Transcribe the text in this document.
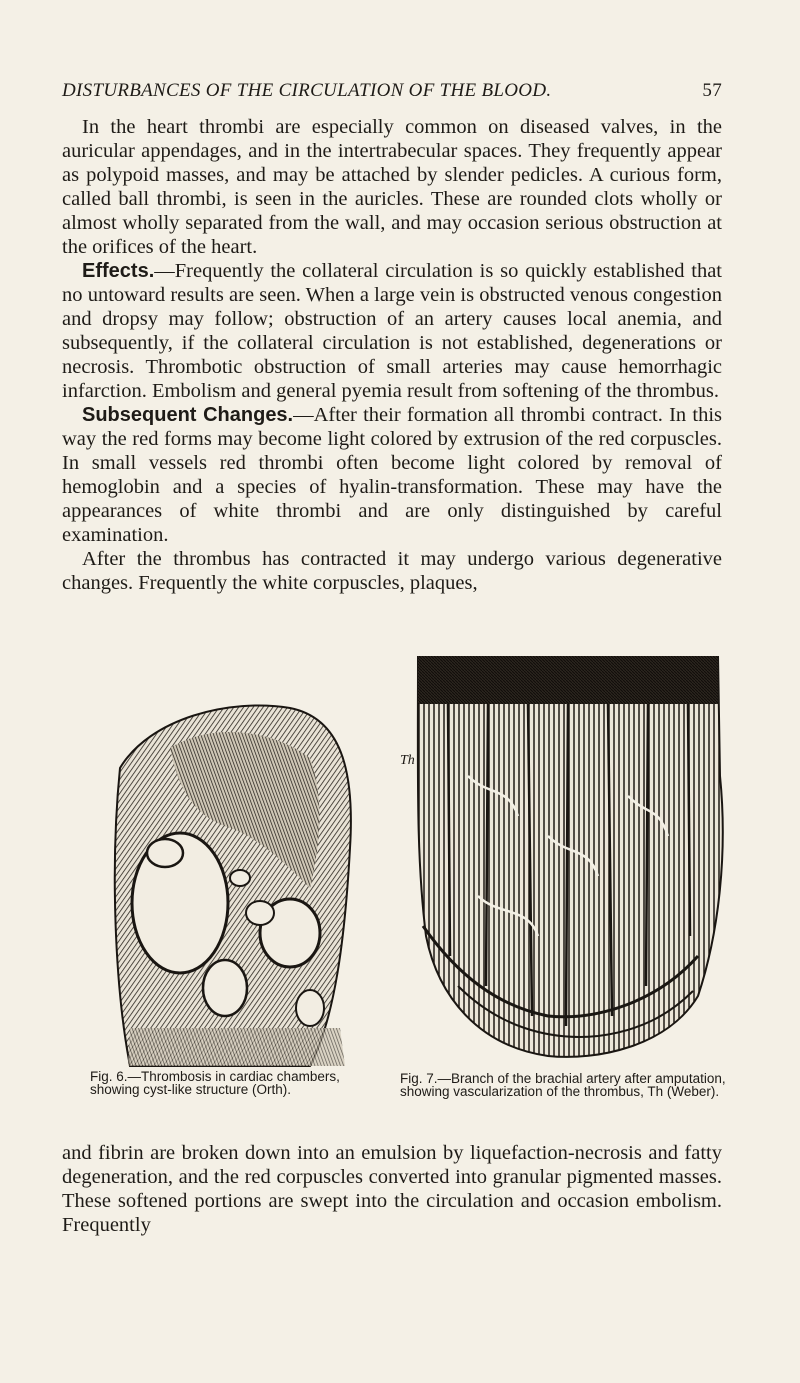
DISTURBANCES OF THE CIRCULATION OF THE BLOOD.	57

In the heart thrombi are especially common on diseased valves, in the auricular appendages, and in the intertrabecular spaces. They frequently appear as polypoid masses, and may be attached by slender pedicles. A curious form, called ball thrombi, is seen in the auricles. These are rounded clots wholly or almost wholly separated from the wall, and may occasion serious obstruction at the orifices of the heart.

Effects.—Frequently the collateral circulation is so quickly established that no untoward results are seen. When a large vein is obstructed venous congestion and dropsy may follow; obstruction of an artery causes local anemia, and subsequently, if the collateral circulation is not established, degenerations or necrosis. Thrombotic obstruction of small arteries may cause hemorrhagic infarction. Embolism and general pyemia result from softening of the thrombus.

Subsequent Changes.—After their formation all thrombi contract. In this way the red forms may become light colored by extrusion of the red corpuscles. In small vessels red thrombi often become light colored by removal of hemoglobin and a species of hyalin-transformation. These may have the appearances of white thrombi and are only distinguished by careful examination.

After the thrombus has contracted it may undergo various degenerative changes. Frequently the white corpuscles, plaques,

Th
Fig. 6.—Thrombosis in cardiac chambers, showing cyst-like structure (Orth).
Fig. 7.—Branch of the brachial artery after amputation, showing vascularization of the thrombus, Th (Weber).

and fibrin are broken down into an emulsion by liquefaction-necrosis and fatty degeneration, and the red corpuscles converted into granular pigmented masses. These softened portions are swept into the circulation and occasion embolism. Frequently
